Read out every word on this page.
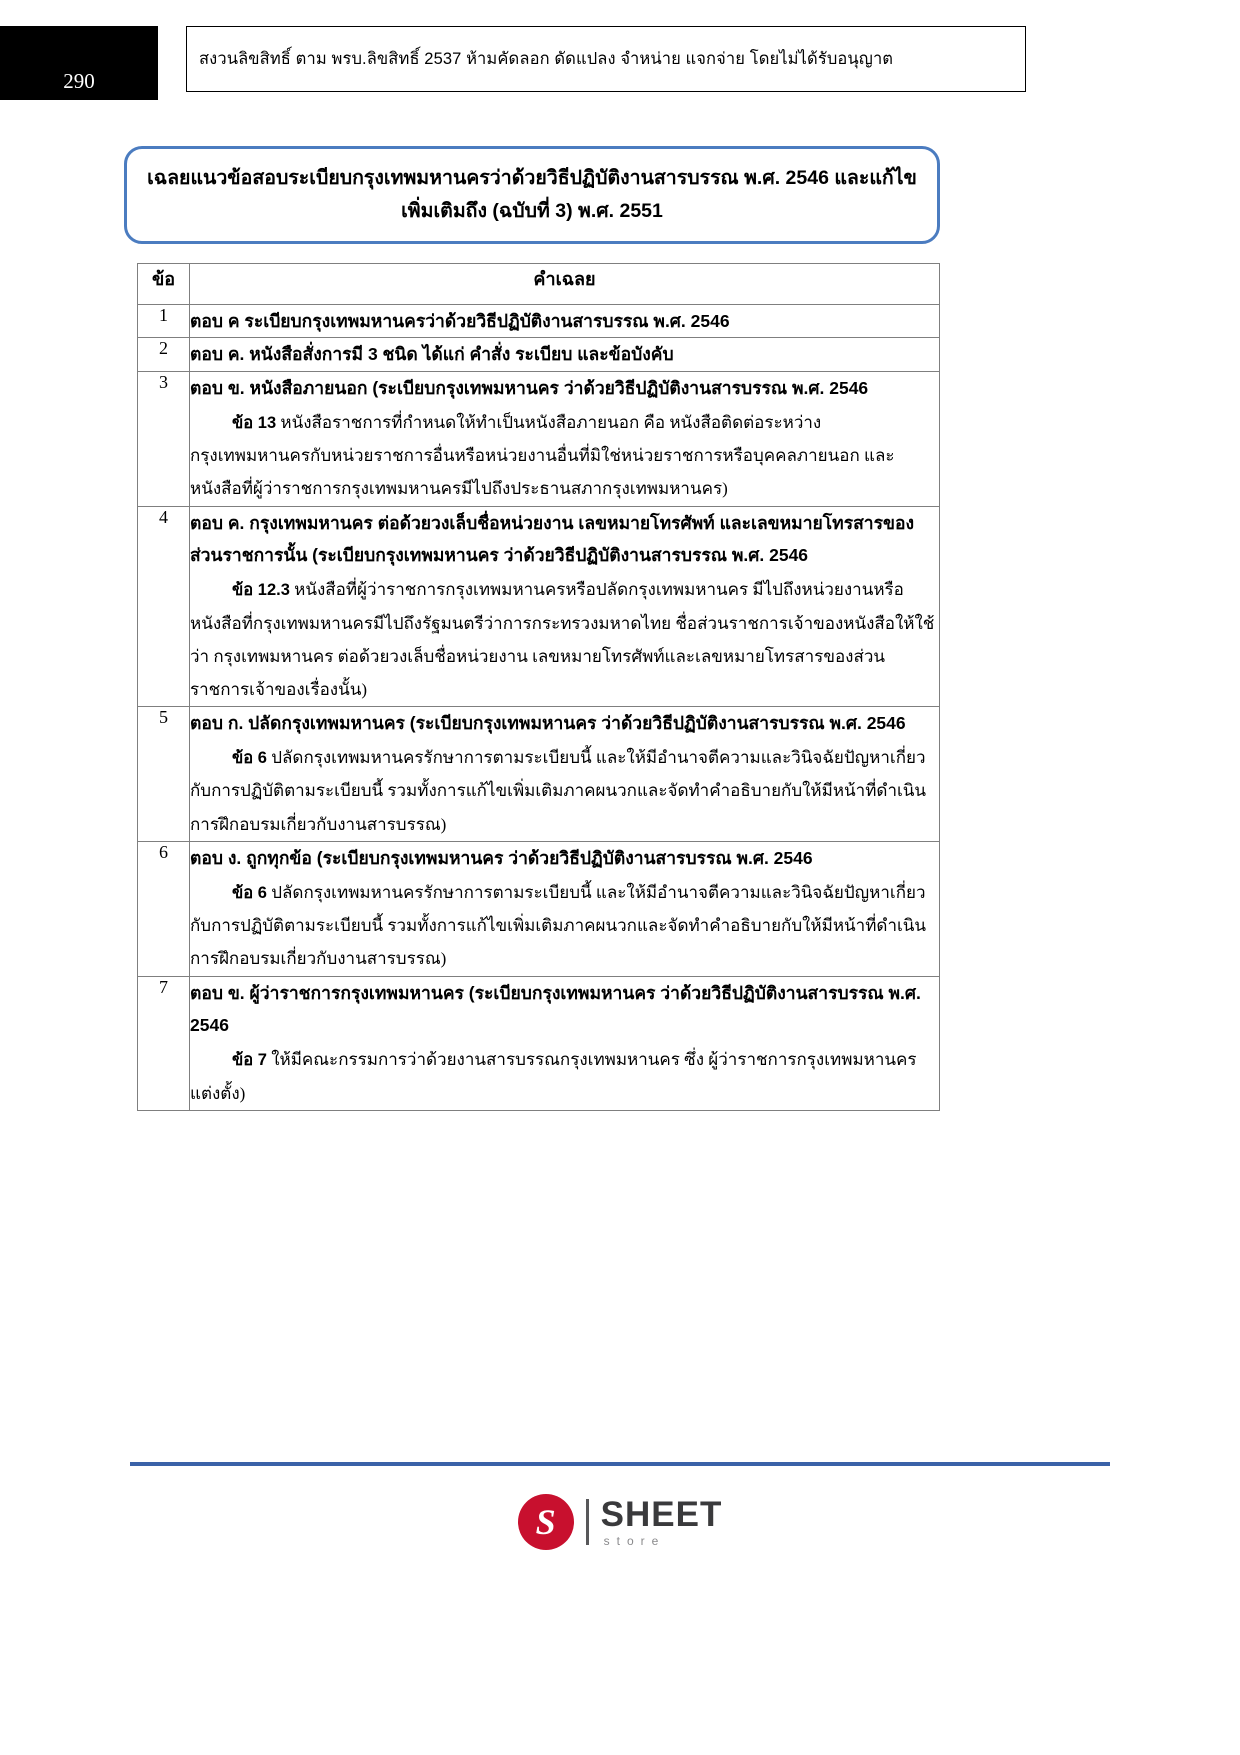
290
สงวนลิขสิทธิ์ ตาม พรบ.ลิขสิทธิ์ 2537 ห้ามคัดลอก ดัดแปลง จำหน่าย แจกจ่าย โดยไม่ได้รับอนุญาต
เฉลยแนวข้อสอบระเบียบกรุงเทพมหานครว่าด้วยวิธีปฏิบัติงานสารบรรณ พ.ศ. 2546 และแก้ไข
เพิ่มเติมถึง (ฉบับที่ 3) พ.ศ. 2551
ข้อ	คำเฉลย
1	ตอบ ค ระเบียบกรุงเทพมหานครว่าด้วยวิธีปฏิบัติงานสารบรรณ พ.ศ. 2546

2	ตอบ ค. หนังสือสั่งการมี 3 ชนิด ได้แก่ คำสั่ง ระเบียบ และข้อบังคับ

3	ตอบ ข. หนังสือภายนอก (ระเบียบกรุงเทพมหานคร ว่าด้วยวิธีปฏิบัติงานสารบรรณ พ.ศ. 2546
ข้อ 13 หนังสือราชการที่กำหนดให้ทำเป็นหนังสือภายนอก คือ หนังสือติดต่อระหว่างกรุงเทพมหานครกับหน่วยราชการอื่นหรือหน่วยงานอื่นที่มิใช่หน่วยราชการหรือบุคคลภายนอก และหนังสือที่ผู้ว่าราชการกรุงเทพมหานครมีไปถึงประธานสภากรุงเทพมหานคร)

4	ตอบ ค. กรุงเทพมหานคร ต่อด้วยวงเล็บชื่อหน่วยงาน เลขหมายโทรศัพท์ และเลขหมายโทรสารของส่วนราชการนั้น (ระเบียบกรุงเทพมหานคร ว่าด้วยวิธีปฏิบัติงานสารบรรณ พ.ศ. 2546
ข้อ 12.3 หนังสือที่ผู้ว่าราชการกรุงเทพมหานครหรือปลัดกรุงเทพมหานคร มีไปถึงหน่วยงานหรือหนังสือที่กรุงเทพมหานครมีไปถึงรัฐมนตรีว่าการกระทรวงมหาดไทย ชื่อส่วนราชการเจ้าของหนังสือให้ใช้ว่า กรุงเทพมหานคร ต่อด้วยวงเล็บชื่อหน่วยงาน เลขหมายโทรศัพท์และเลขหมายโทรสารของส่วนราชการเจ้าของเรื่องนั้น)

5	ตอบ ก. ปลัดกรุงเทพมหานคร (ระเบียบกรุงเทพมหานคร ว่าด้วยวิธีปฏิบัติงานสารบรรณ พ.ศ. 2546
ข้อ 6 ปลัดกรุงเทพมหานครรักษาการตามระเบียบนี้ และให้มีอำนาจตีความและวินิจฉัยปัญหาเกี่ยวกับการปฏิบัติตามระเบียบนี้ รวมทั้งการแก้ไขเพิ่มเติมภาคผนวกและจัดทำคำอธิบายกับให้มีหน้าที่ดำเนินการฝึกอบรมเกี่ยวกับงานสารบรรณ)

6	ตอบ ง. ถูกทุกข้อ (ระเบียบกรุงเทพมหานคร ว่าด้วยวิธีปฏิบัติงานสารบรรณ พ.ศ. 2546
ข้อ 6 ปลัดกรุงเทพมหานครรักษาการตามระเบียบนี้ และให้มีอำนาจตีความและวินิจฉัยปัญหาเกี่ยวกับการปฏิบัติตามระเบียบนี้ รวมทั้งการแก้ไขเพิ่มเติมภาคผนวกและจัดทำคำอธิบายกับให้มีหน้าที่ดำเนินการฝึกอบรมเกี่ยวกับงานสารบรรณ)

7	ตอบ ข. ผู้ว่าราชการกรุงเทพมหานคร (ระเบียบกรุงเทพมหานคร ว่าด้วยวิธีปฏิบัติงานสารบรรณ พ.ศ. 2546
ข้อ 7 ให้มีคณะกรรมการว่าด้วยงานสารบรรณกรุงเทพมหานคร ซึ่ง ผู้ว่าราชการกรุงเทพมหานครแต่งตั้ง)
S SHEET
store
